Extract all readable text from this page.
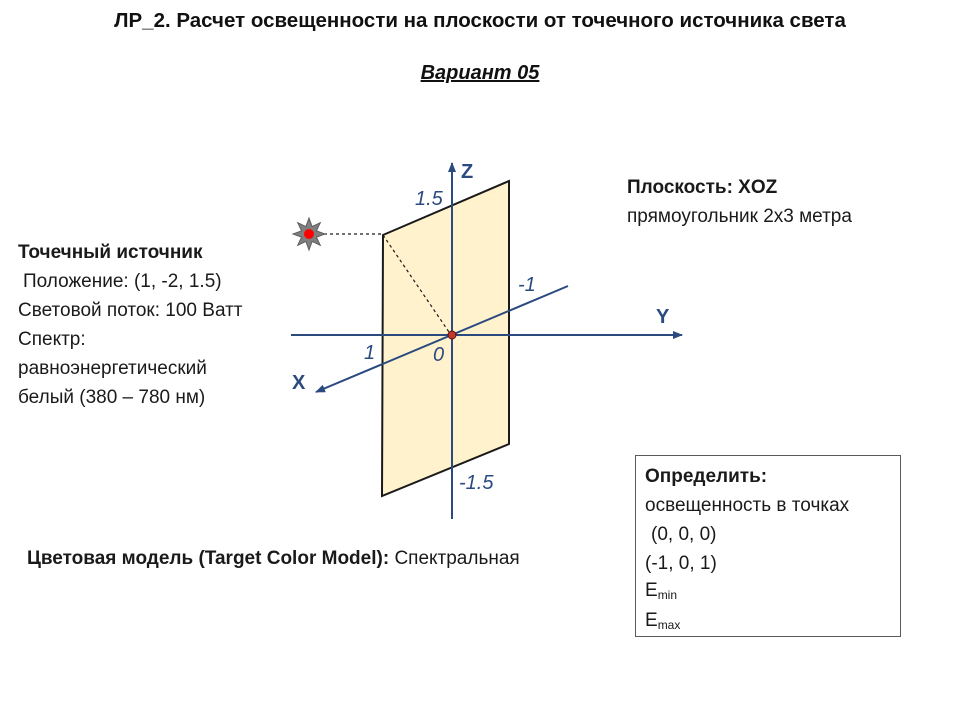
ЛР_2. Расчет освещенности на плоскости от точечного источника света
Вариант 05
Z
Y
X
1.5
-1
1	0
-1.5
Точечный источник
Положение: (1, -2, 1.5)
Световой поток: 100 Ватт
Спектр:
равноэнергетический
белый (380 – 780 нм)
Плоскость: XOZ
прямоугольник 2х3 метра
Цветовая модель (Target Color Model): Спектральная
Определить:
освещенность в точках
(0, 0, 0)
(-1, 0, 1)
$E_{min}$
$E_{max}$
